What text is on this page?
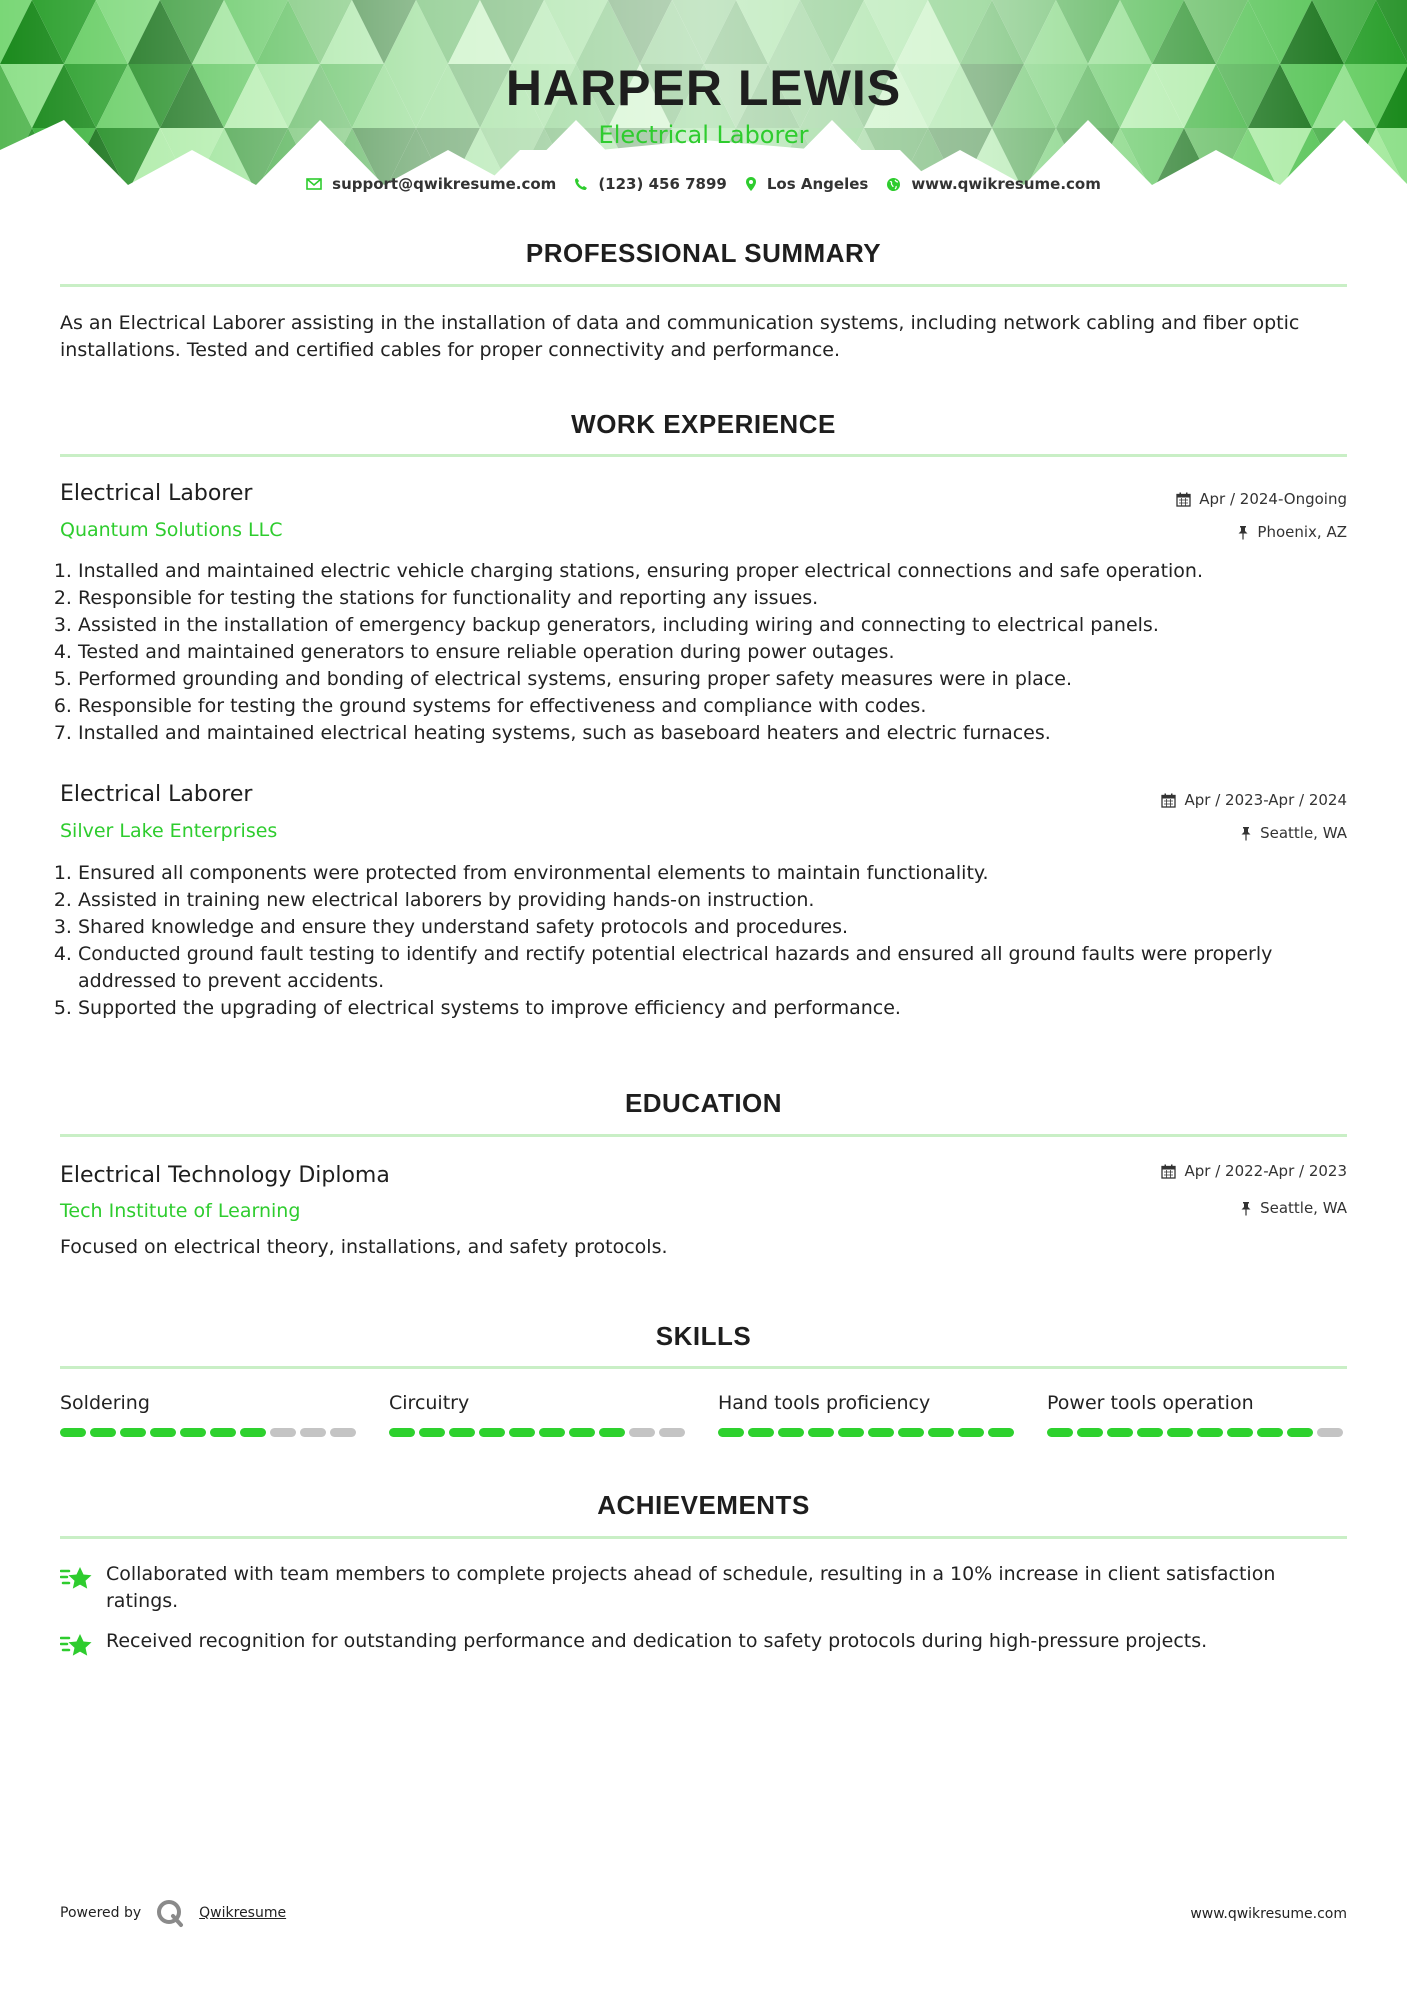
HARPER LEWIS
Electrical Laborer
support@qwikresume.com	(123) 456 7899	Los Angeles	www.qwikresume.com
PROFESSIONAL SUMMARY
As an Electrical Laborer assisting in the installation of data and communication systems, including network cabling and fiber optic installations. Tested and certified cables for proper connectivity and performance.
WORK EXPERIENCE
Electrical Laborer	Apr / 2024-Ongoing
Quantum Solutions LLC	Phoenix, AZ
1. Installed and maintained electric vehicle charging stations, ensuring proper electrical connections and safe operation.
2. Responsible for testing the stations for functionality and reporting any issues.
3. Assisted in the installation of emergency backup generators, including wiring and connecting to electrical panels.
4. Tested and maintained generators to ensure reliable operation during power outages.
5. Performed grounding and bonding of electrical systems, ensuring proper safety measures were in place.
6. Responsible for testing the ground systems for effectiveness and compliance with codes.
7. Installed and maintained electrical heating systems, such as baseboard heaters and electric furnaces.
Electrical Laborer	Apr / 2023-Apr / 2024
Silver Lake Enterprises	Seattle, WA
1. Ensured all components were protected from environmental elements to maintain functionality.
2. Assisted in training new electrical laborers by providing hands-on instruction.
3. Shared knowledge and ensure they understand safety protocols and procedures.
4. Conducted ground fault testing to identify and rectify potential electrical hazards and ensured all ground faults were properly addressed to prevent accidents.
5. Supported the upgrading of electrical systems to improve efficiency and performance.
EDUCATION
Electrical Technology Diploma	Apr / 2022-Apr / 2023
Tech Institute of Learning	Seattle, WA
Focused on electrical theory, installations, and safety protocols.
SKILLS
Soldering	Circuitry	Hand tools proficiency	Power tools operation
ACHIEVEMENTS
Collaborated with team members to complete projects ahead of schedule, resulting in a 10% increase in client satisfaction ratings.
Received recognition for outstanding performance and dedication to safety protocols during high-pressure projects.
Powered by	Qwikresume	www.qwikresume.com
